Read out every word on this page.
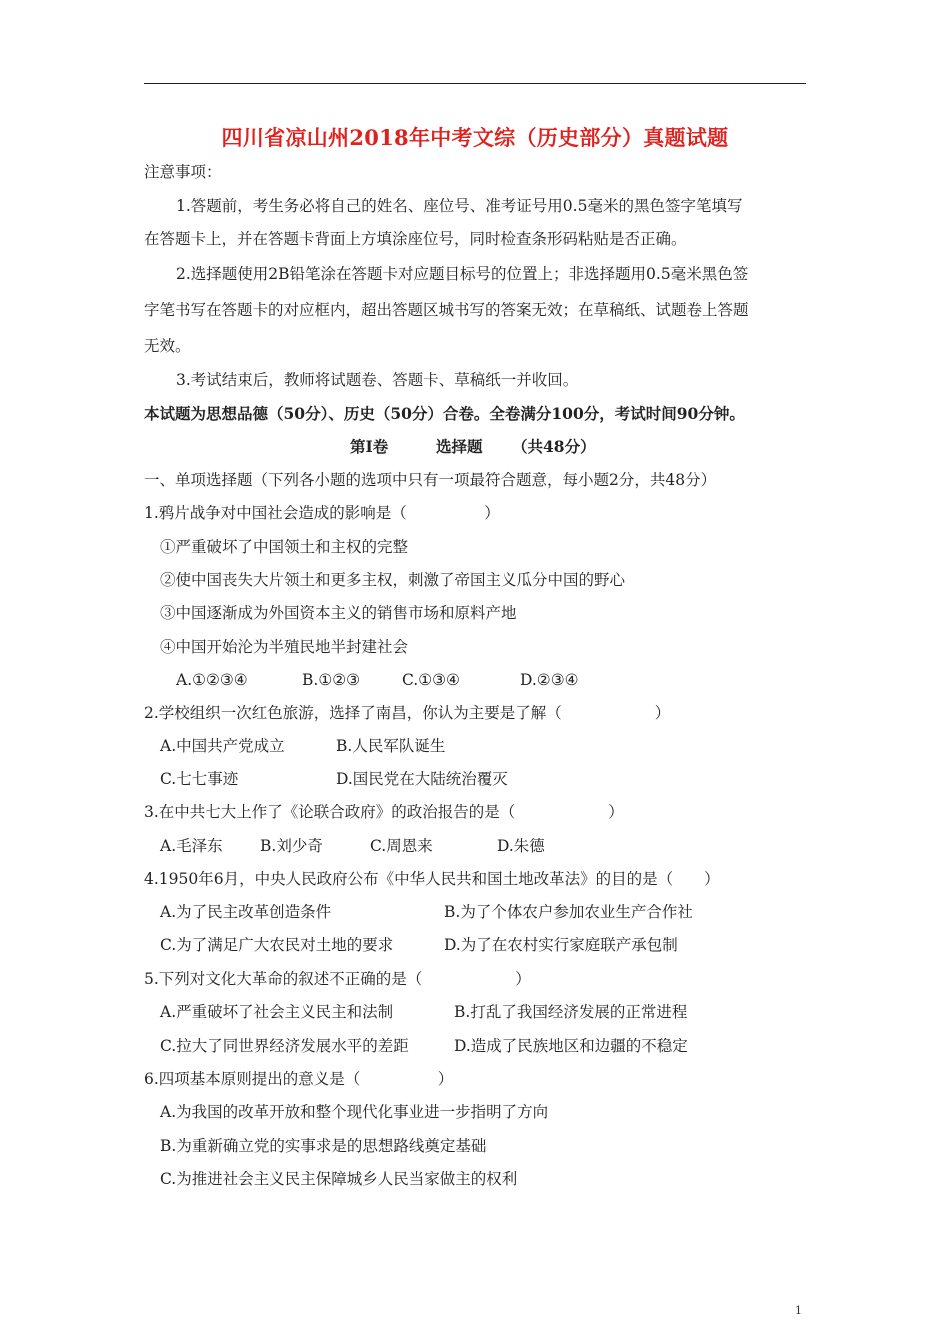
四川省凉山州2018年中考文综（历史部分）真题试题
注意事项：
1.答题前，考生务必将自己的姓名、座位号、准考证号用0.5毫米的黑色签字笔填写
在答题卡上，并在答题卡背面上方填涂座位号，同时检查条形码粘贴是否正确。
2.选择题使用2B铅笔涂在答题卡对应题目标号的位置上；非选择题用0.5毫米黑色签
字笔书写在答题卡的对应框内，超出答题区城书写的答案无效；在草稿纸、试题卷上答题
无效。
3.考试结束后，教师将试题卷、答题卡、草稿纸一并收回。
本试题为思想品德（50分）、历史（50分）合卷。全卷满分100分，考试时间90分钟。
第Ⅰ卷	选择题 （共48分）
一、单项选择题（下列各小题的选项中只有一项最符合题意，每小题2分，共48分）
1.鸦片战争对中国社会造成的影响是（　　　　　）
①严重破坏了中国领土和主权的完整
②使中国丧失大片领土和更多主权，刺激了帝国主义瓜分中国的野心
③中国逐渐成为外国资本主义的销售市场和原料产地
④中国开始沦为半殖民地半封建社会
A.①②③④	B.①②③	C.①③④	D.②③④
2.学校组织一次红色旅游，选择了南昌，你认为主要是了解（　　　　　　）
A.中国共产党成立	B.人民军队诞生
C.七七事迹	D.国民党在大陆统治覆灭
3.在中共七大上作了《论联合政府》的政治报告的是（　　　　　　）
A.毛泽东 B.刘少奇	C.周恩来	D.朱德
4.1950年6月，中央人民政府公布《中华人民共和国土地改革法》的目的是（　　）
A.为了民主改革创造条件	B.为了个体农户参加农业生产合作社
C.为了满足广大农民对土地的要求	D.为了在农村实行家庭联产承包制
5.下列对文化大革命的叙述不正确的是（　　　　　　）
A.严重破坏了社会主义民主和法制	B.打乱了我国经济发展的正常进程
C.拉大了同世界经济发展水平的差距	D.造成了民族地区和边疆的不稳定
6.四项基本原则提出的意义是（　　　　　）
A.为我国的改革开放和整个现代化事业进一步指明了方向
B.为重新确立党的实事求是的思想路线奠定基础
C.为推进社会主义民主保障城乡人民当家做主的权利
1
